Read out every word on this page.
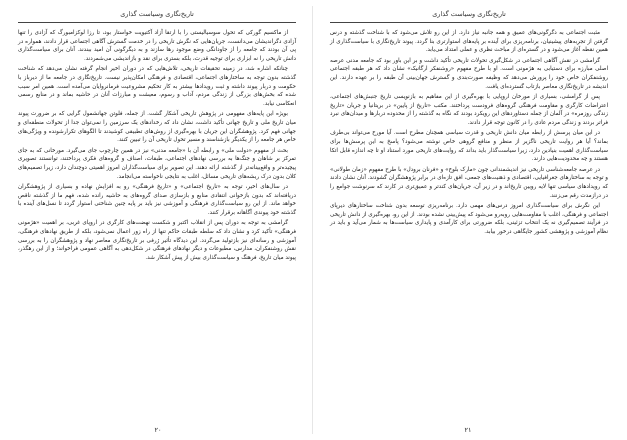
تاریخ‌نگاری وسیاست گذاری

از ماکسیم گورکی که تحول سوسیالیستی را با ارتقا آزاد آکتیویت خواستار بود، تا رزا لوکزامبورگ که آزادی را تنها آزادی دگراندیشان می‌دانست، جریان‌هایی که نگرش تاریخی را در خدمت گسترش آگاهی اجتماعی قرار دادند، همواره در پی آن بودند که جامعه را از جاودانگی وضع موجود رها سازند و به دیگرگونی آن امید ببندند. آنان برای سیاست‌گذاری دانش تاریخی را نه ابزاری برای توجیه قدرت، بلکه بستری برای نقد و بازاندیشی می‌شمردند.

چنانکه اشاره شد، در زمینه تحقیقات تاریخی، تلاش‌هایی که در دوران اخیر انجام گرفته نشان می‌دهد که شناخت گذشته بدون توجه به ساختارهای اجتماعی، اقتصادی و فرهنگی امکان‌پذیر نیست. تاریخ‌نگاری در جامعه ما از دیرباز با حکومت و دربار پیوند داشته و ثبت رویدادها بیشتر به کار تحکیم مشروعیت فرمانروایان می‌آمده است. همین امر سبب شده که بخش‌های بزرگی از زندگی مردم، آداب و رسوم، معیشت و مبارزات آنان در حاشیه بماند و در منابع رسمی انعکاسی نیابد.

بویژه این پایه‌های مفهومی در پژوهش تاریخی آشکار گشت. از جمله، فلوتن جهانشمول گرایی که بر ضرورت پیوند میان تاریخ ملی و تاریخ جهانی تأکید داشت، نشان داد که رخدادهای یک سرزمین را نمی‌توان جدا از تحولات منطقه‌ای و جهانی فهم کرد. پژوهشگران این جریان با بهره‌گیری از روش‌های تطبیقی کوشیدند تا الگوهای تکرارشونده و ویژگی‌های خاص هر جامعه را از یکدیگر بازشناسند و مسیر تحول تاریخی آن را تبیین کنند.

بحث از مفهوم «دولت ملی» و رابطه آن با «جامعه مدنی» نیز در همین چارچوب جای می‌گیرد. مورخانی که به جای تمرکز بر شاهان و جنگ‌ها به بررسی نهادهای اجتماعی، طبقات، اصناف و گروه‌های فکری پرداختند، توانستند تصویری پیچیده‌تر و واقع‌بینانه‌تر از گذشته ارائه دهند. این تصویر برای سیاست‌گذاران امروز اهمیتی دوچندان دارد، زیرا تصمیم‌های کلان بدون درک ریشه‌های تاریخی مسائل، اغلب به نتایجی ناخواسته می‌انجامد.

در سال‌های اخیر، توجه به «تاریخ اجتماعی» و «تاریخ فرهنگی» رو به افزایش نهاده و بسیاری از پژوهشگران دریافته‌اند که بدون بازخوانی انتقادی منابع و بازسازی صدای گروه‌های به حاشیه رانده شده، فهم ما از گذشته ناقص خواهد ماند. از این رو سیاست‌گذاری فرهنگی و آموزشی نیز باید بر پایه چنین شناختی استوار گردد تا نسل‌های آینده با گذشته خود پیوندی آگاهانه برقرار کنند.

گرامشی به توجه به دوران پس از انقلاب اکتبر و شکست نهضت‌های کارگری در اروپای غربی، بر اهمیت «هژمونی فرهنگی» تأکید کرد و نشان داد که سلطه طبقات حاکم تنها از راه زور اعمال نمی‌شود، بلکه از طریق نهادهای فرهنگی، آموزشی و رسانه‌ای نیز بازتولید می‌گردد. این دیدگاه تأثیر ژرفی بر تاریخ‌نگاری معاصر نهاد و پژوهشگران را به بررسی نقش روشنفکران، مدارس، مطبوعات و دیگر نهادهای فرهنگی در شکل‌دهی به آگاهی عمومی فراخواند؛ و از این رهگذر، پیوند میان تاریخ، فرهنگ و سیاست‌گذاری بیش از پیش آشکار شد.

۲۰
تاریخ‌نگاری وسیاست گذاری

مثبت اجتماعی به دگرگونی‌های عمیق و همه جانبه نیاز دارد. از این رو تلاش می‌شود که با شناخت گذشته و درس گرفتن از تجربه‌های پیشینیان، برنامه‌ریزی برای آینده بر پایه‌های استوارتری بنا گردد. پیوند تاریخ‌نگاری با سیاست‌گذاری از همین نقطه آغاز می‌شود و در گستره‌ای از مباحث نظری و عملی امتداد می‌یابد.

گرامشی در نقش آگاهی اجتماعی در شکل‌گیری تحولات تاریخی تأکید داشت و بر این باور بود که جامعه مدنی عرصه اصلی مبارزه برای دستیابی به هژمونی است. او با طرح مفهوم «روشنفکر ارگانیک» نشان داد که هر طبقه اجتماعی روشنفکران خاص خود را پرورش می‌دهد که وظیفه صورت‌بندی و گسترش جهان‌بینی آن طبقه را بر عهده دارند. این اندیشه در تاریخ‌نگاری معاصر بازتاب گسترده‌ای یافت.

پس از گرامشی، بسیاری از مورخان اروپایی با بهره‌گیری از این مفاهیم به بازنویسی تاریخ جنبش‌های اجتماعی، اعتراضات کارگری و مقاومت فرهنگی گروه‌های فرودست پرداختند. مکتب «تاریخ از پایین» در بریتانیا و جریان «تاریخ زندگی روزمره» در آلمان از جمله دستاوردهای این رویکرد بودند که نگاه به گذشته را از محدوده دربارها و میدان‌های نبرد فراتر بردند و زندگی مردم عادی را در کانون توجه قرار دادند.

در این میان پرسش از رابطه میان دانش تاریخی و قدرت سیاسی همچنان مطرح است. آیا مورخ می‌تواند بی‌طرف بماند؟ آیا هر روایت تاریخی ناگزیر از منظر و منافع گروهی خاص نوشته می‌شود؟ پاسخ به این پرسش‌ها برای سیاست‌گذاری اهمیت بنیادین دارد، زیرا سیاست‌گذار باید بداند که روایت‌های تاریخی مورد استناد او تا چه اندازه قابل اتکا هستند و چه محدودیت‌هایی دارند.

در عرصه جامعه‌شناسی تاریخی نیز اندیشمندانی چون «مارک بلوخ» و «فرنان برودل» با طرح مفهوم «زمان طولانی» و توجه به ساختارهای جغرافیایی، اقتصادی و ذهنیت‌های جمعی، افق تازه‌ای در برابر پژوهشگران گشودند. آنان نشان دادند که رویدادهای سیاسی تنها لایه رویین تاریخ‌اند و در زیر آن، جریان‌های کندتر و عمیق‌تری در کارند که سرنوشت جوامع را در درازمدت رقم می‌زنند.

این نگرش برای سیاست‌گذاری امروز درس‌های مهمی دارد. برنامه‌ریزی توسعه بدون شناخت ساختارهای دیرپای اجتماعی و فرهنگی، اغلب با مقاومت‌هایی روبه‌رو می‌شود که پیش‌بینی نشده بودند. از این رو، بهره‌گیری از دانش تاریخی در فرآیند تصمیم‌گیری نه یک انتخاب تزئینی، بلکه ضرورتی برای کارآمدی و پایداری سیاست‌ها به شمار می‌آید و باید در نظام آموزشی و پژوهشی کشور جایگاهی درخور بیابد.

۲۱
